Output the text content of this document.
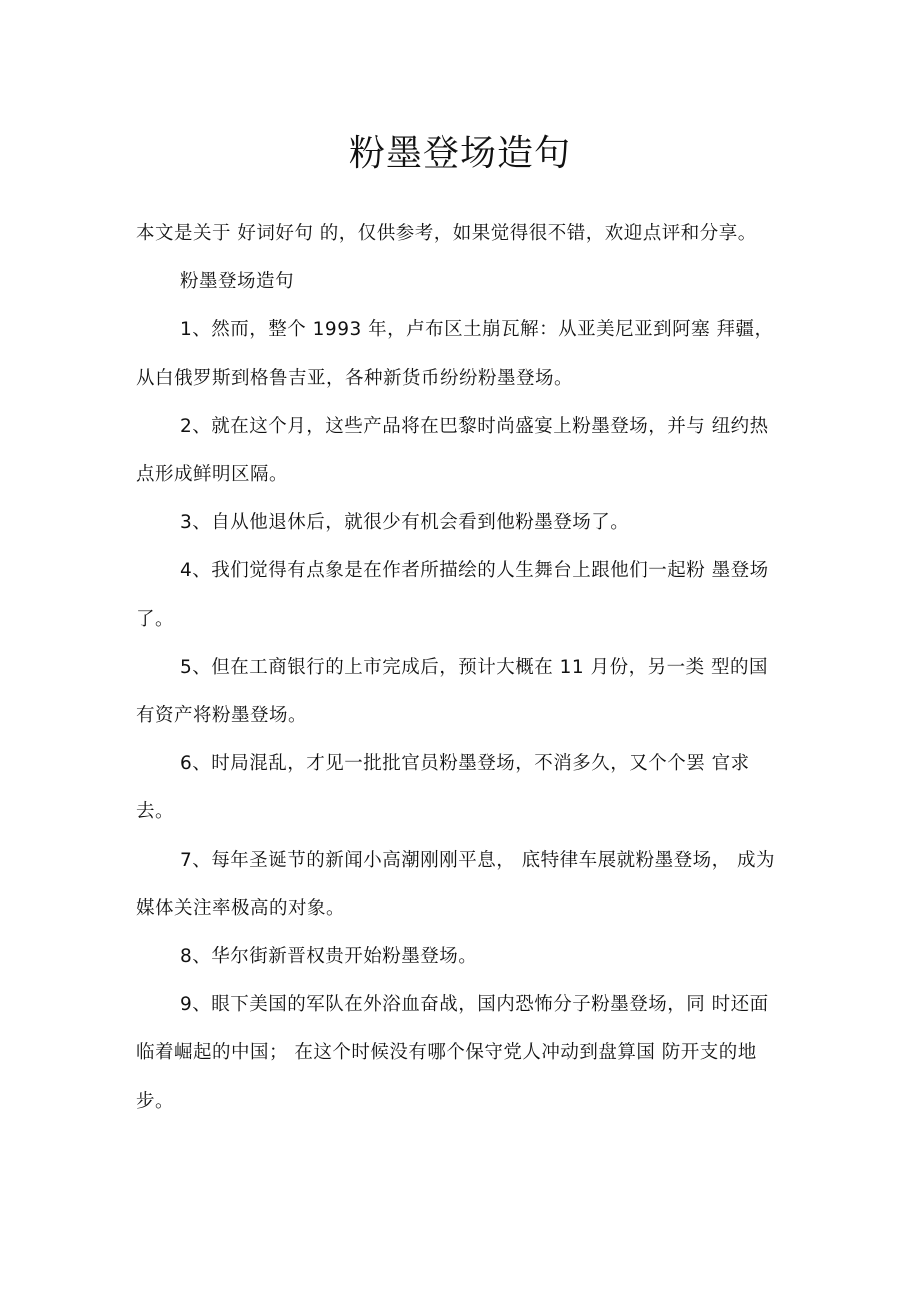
粉墨登场造句

本文是关于 好词好句 的，仅供参考，如果觉得很不错，欢迎点评和分享。

粉墨登场造句

1、然而，整个 1993 年，卢布区土崩瓦解：从亚美尼亚到阿塞 拜疆，从白俄罗斯到格鲁吉亚，各种新货币纷纷粉墨登场。

2、就在这个月，这些产品将在巴黎时尚盛宴上粉墨登场，并与 纽约热点形成鲜明区隔。

3、自从他退休后，就很少有机会看到他粉墨登场了。

4、我们觉得有点象是在作者所描绘的人生舞台上跟他们一起粉 墨登场了。

5、但在工商银行的上市完成后，预计大概在 11 月份，另一类 型的国有资产将粉墨登场。

6、时局混乱，才见一批批官员粉墨登场，不消多久，又个个罢 官求去。

7、每年圣诞节的新闻小高潮刚刚平息， 底特律车展就粉墨登场， 成为媒体关注率极高的对象。

8、华尔街新晋权贵开始粉墨登场。

9、眼下美国的军队在外浴血奋战，国内恐怖分子粉墨登场，同 时还面临着崛起的中国； 在这个时候没有哪个保守党人冲动到盘算国 防开支的地步。
